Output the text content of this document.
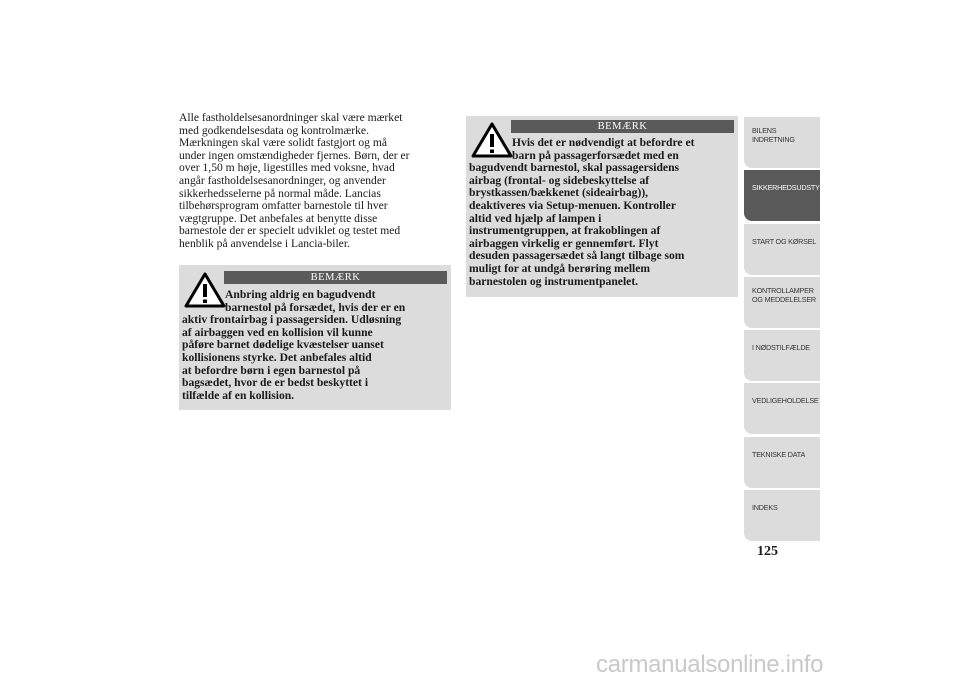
Alle fastholdelsesanordninger skal være mærket
med godkendelsesdata og kontrolmærke.
Mærkningen skal være solidt fastgjort og må
under ingen omstændigheder fjernes. Børn, der er
over 1,50 m høje, ligestilles med voksne, hvad
angår fastholdelsesanordninger, og anvender
sikkerhedsselerne på normal måde. Lancias
tilbehørsprogram omfatter barnestole til hver
vægtgruppe. Det anbefales at benytte disse
barnestole der er specielt udviklet og testet med
henblik på anvendelse i Lancia-biler.
BEMÆRK
Anbring aldrig en bagudvendt
barnestol på forsædet, hvis der er en
aktiv frontairbag i passagersiden. Udløsning
af airbaggen ved en kollision vil kunne
påføre barnet dødelige kvæstelser uanset
kollisionens styrke. Det anbefales altid
at befordre børn i egen barnestol på
bagsædet, hvor de er bedst beskyttet i
tilfælde af en kollision.
BEMÆRK
Hvis det er nødvendigt at befordre et
barn på passagerforsædet med en
bagudvendt barnestol, skal passagersidens
airbag (frontal- og sidebeskyttelse af
brystkassen/bækkenet (sideairbag)),
deaktiveres via Setup-menuen. Kontroller
altid ved hjælp af lampen i
instrumentgruppen, at frakoblingen af
airbaggen virkelig er gennemført. Flyt
desuden passagersædet så langt tilbage som
muligt for at undgå berøring mellem
barnestolen og instrumentpanelet.
BILENS
INDRETNING
SIKKERHEDSUDSTYR
START OG KØRSEL
KONTROLLAMPER
OG MEDDELELSER
I NØDSTILFÆLDE
VEDLIGEHOLDELSE
TEKNISKE DATA
INDEKS
125
carmanualsonline.info
